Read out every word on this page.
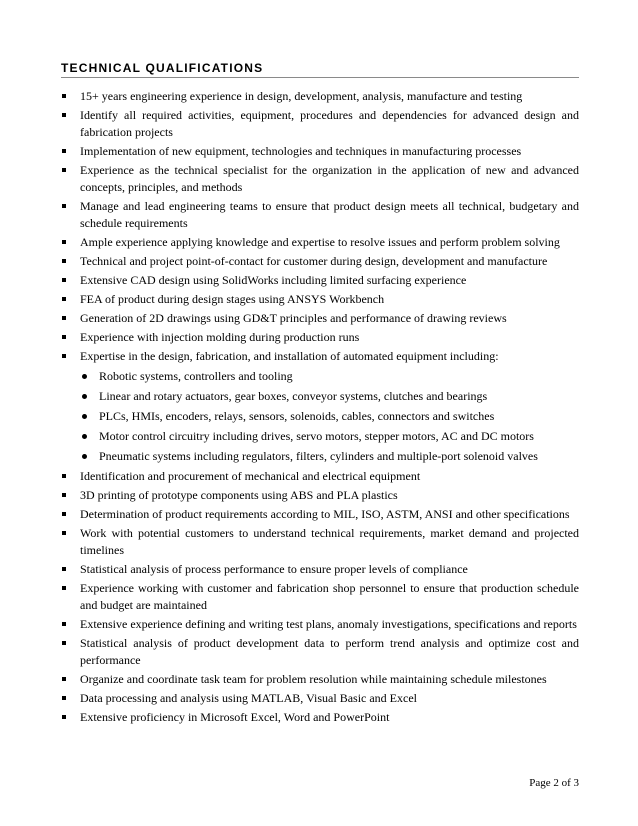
TECHNICAL QUALIFICATIONS
15+ years engineering experience in design, development, analysis, manufacture and testing
Identify all required activities, equipment, procedures and dependencies for advanced design and fabrication projects
Implementation of new equipment, technologies and techniques in manufacturing processes
Experience as the technical specialist for the organization in the application of new and advanced concepts, principles, and methods
Manage and lead engineering teams to ensure that product design meets all technical, budgetary and schedule requirements
Ample experience applying knowledge and expertise to resolve issues and perform problem solving
Technical and project point-of-contact for customer during design, development and manufacture
Extensive CAD design using SolidWorks including limited surfacing experience
FEA of product during design stages using ANSYS Workbench
Generation of 2D drawings using GD&T principles and performance of drawing reviews
Experience with injection molding during production runs
Expertise in the design, fabrication, and installation of automated equipment including:
Robotic systems, controllers and tooling
Linear and rotary actuators, gear boxes, conveyor systems, clutches and bearings
PLCs, HMIs, encoders, relays, sensors, solenoids, cables, connectors and switches
Motor control circuitry including drives, servo motors, stepper motors, AC and DC motors
Pneumatic systems including regulators, filters, cylinders and multiple-port solenoid valves
Identification and procurement of mechanical and electrical equipment
3D printing of prototype components using ABS and PLA plastics
Determination of product requirements according to MIL, ISO, ASTM, ANSI and other specifications
Work with potential customers to understand technical requirements, market demand and projected timelines
Statistical analysis of process performance to ensure proper levels of compliance
Experience working with customer and fabrication shop personnel to ensure that production schedule and budget are maintained
Extensive experience defining and writing test plans, anomaly investigations, specifications and reports
Statistical analysis of product development data to perform trend analysis and optimize cost and performance
Organize and coordinate task team for problem resolution while maintaining schedule milestones
Data processing and analysis using MATLAB, Visual Basic and Excel
Extensive proficiency in Microsoft Excel, Word and PowerPoint
Page 2 of 3
